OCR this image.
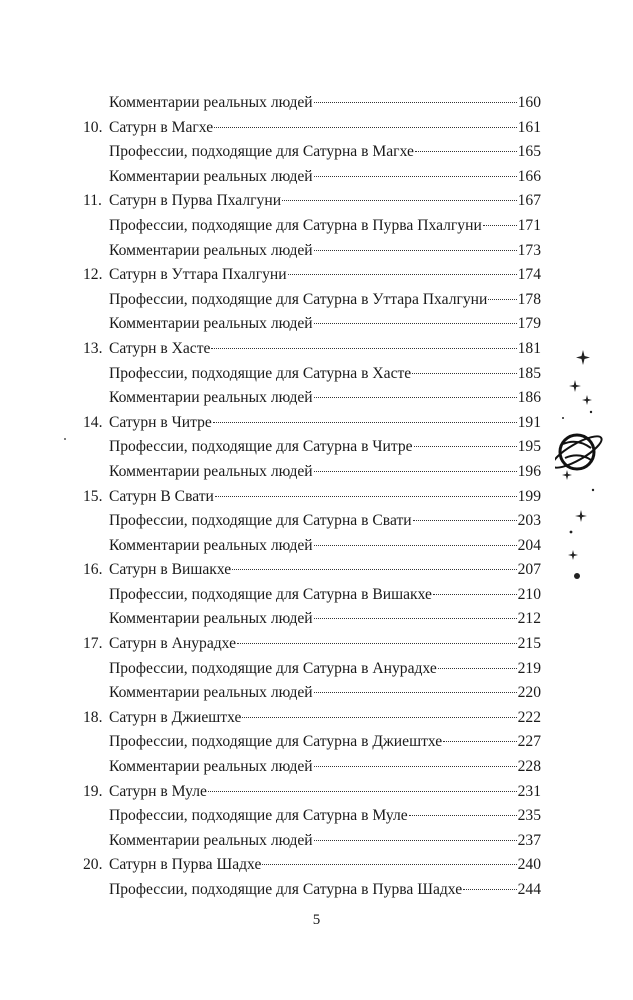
Комментарии реальных людей	160
10. Сатурн в Магхе	161
Профессии, подходящие для Сатурна в Магхе	165
Комментарии реальных людей	166
11. Сатурн в Пурва Пхалгуни	167
Профессии, подходящие для Сатурна в Пурва Пхалгуни 171
Комментарии реальных людей	173
12. Сатурн в Уттара Пхалгуни	174
Профессии, подходящие для Сатурна в Уттара Пхалгуни 178
Комментарии реальных людей	179
13. Сатурн в Хасте	181
Профессии, подходящие для Сатурна в Хасте	185
Комментарии реальных людей	186
14. Сатурн в Читре	191
Профессии, подходящие для Сатурна в Читре	195
Комментарии реальных людей	196
15. Сатурн В Свати	199
Профессии, подходящие для Сатурна в Свати	203
Комментарии реальных людей	204
16. Сатурн в Вишакхе	207
Профессии, подходящие для Сатурна в Вишакхе	210
Комментарии реальных людей	212
17. Сатурн в Анурадхе	215
Профессии, подходящие для Сатурна в Анурадхе	219
Комментарии реальных людей	220
18. Сатурн в Джиештхе	222
Профессии, подходящие для Сатурна в Джиештхе	227
Комментарии реальных людей	228
19. Сатурн в Муле	231
Профессии, подходящие для Сатурна в Муле	235
Комментарии реальных людей	237
20. Сатурн в Пурва Шадхе	240
Профессии, подходящие для Сатурна в Пурва Шадхе	244
5
